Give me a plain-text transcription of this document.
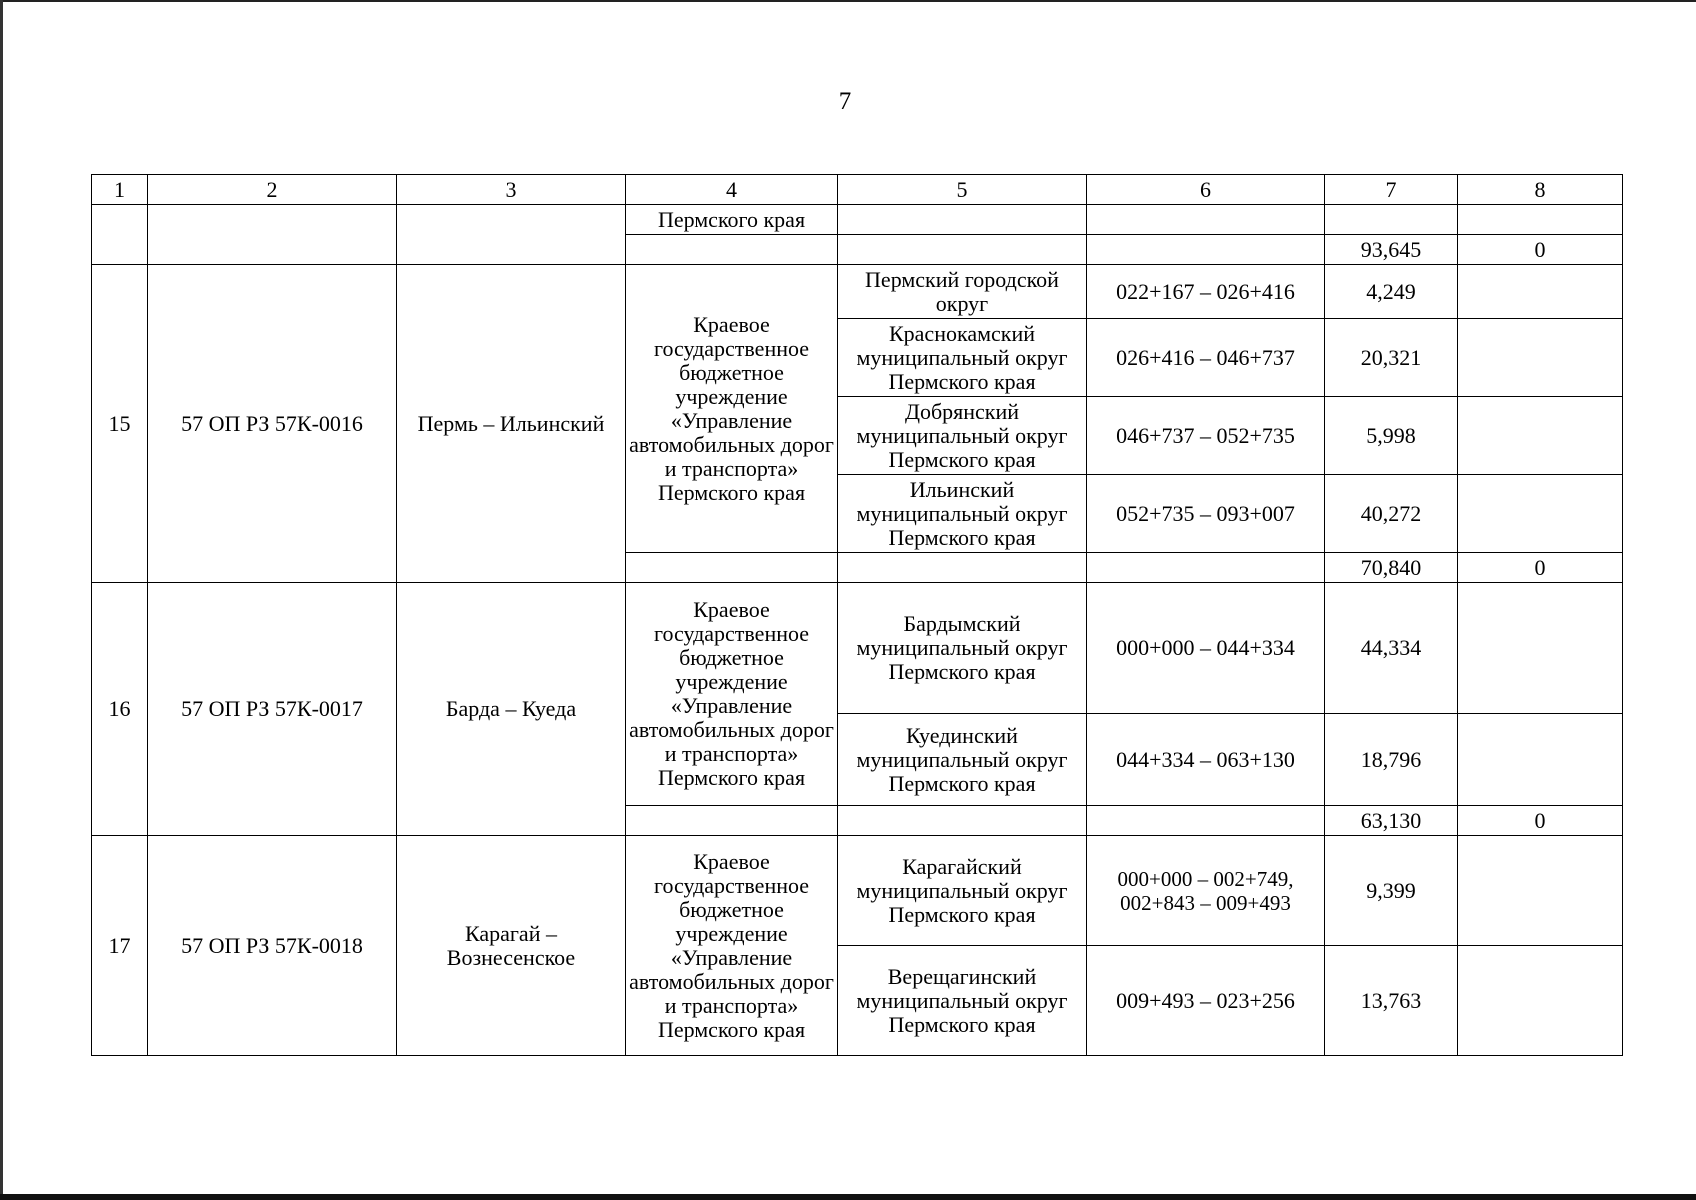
7
1	2	3	4	5	6	7	8
			Пермского края				
						93,645	0
15	57 ОП РЗ 57К-0016	Пермь – Ильинский	Краевое государственное бюджетное учреждение «Управление автомобильных дорог и транспорта» Пермского края	Пермский городской округ	022+167 – 026+416	4,249	
				Краснокамский муниципальный округ Пермского края	026+416 – 046+737	20,321	
				Добрянский муниципальный округ Пермского края	046+737 – 052+735	5,998	
				Ильинский муниципальный округ Пермского края	052+735 – 093+007	40,272	
						70,840	0
16	57 ОП РЗ 57К-0017	Барда – Куеда	Краевое государственное бюджетное учреждение «Управление автомобильных дорог и транспорта» Пермского края	Бардымский муниципальный округ Пермского края	000+000 – 044+334	44,334	
				Куединский муниципальный округ Пермского края	044+334 – 063+130	18,796	
						63,130	0
17	57 ОП РЗ 57К-0018	Карагай – Вознесенское	Краевое государственное бюджетное учреждение «Управление автомобильных дорог и транспорта» Пермского края	Карагайский муниципальный округ Пермского края	000+000 – 002+749, 002+843 – 009+493	9,399	
				Верещагинский муниципальный округ Пермского края	009+493 – 023+256	13,763	
